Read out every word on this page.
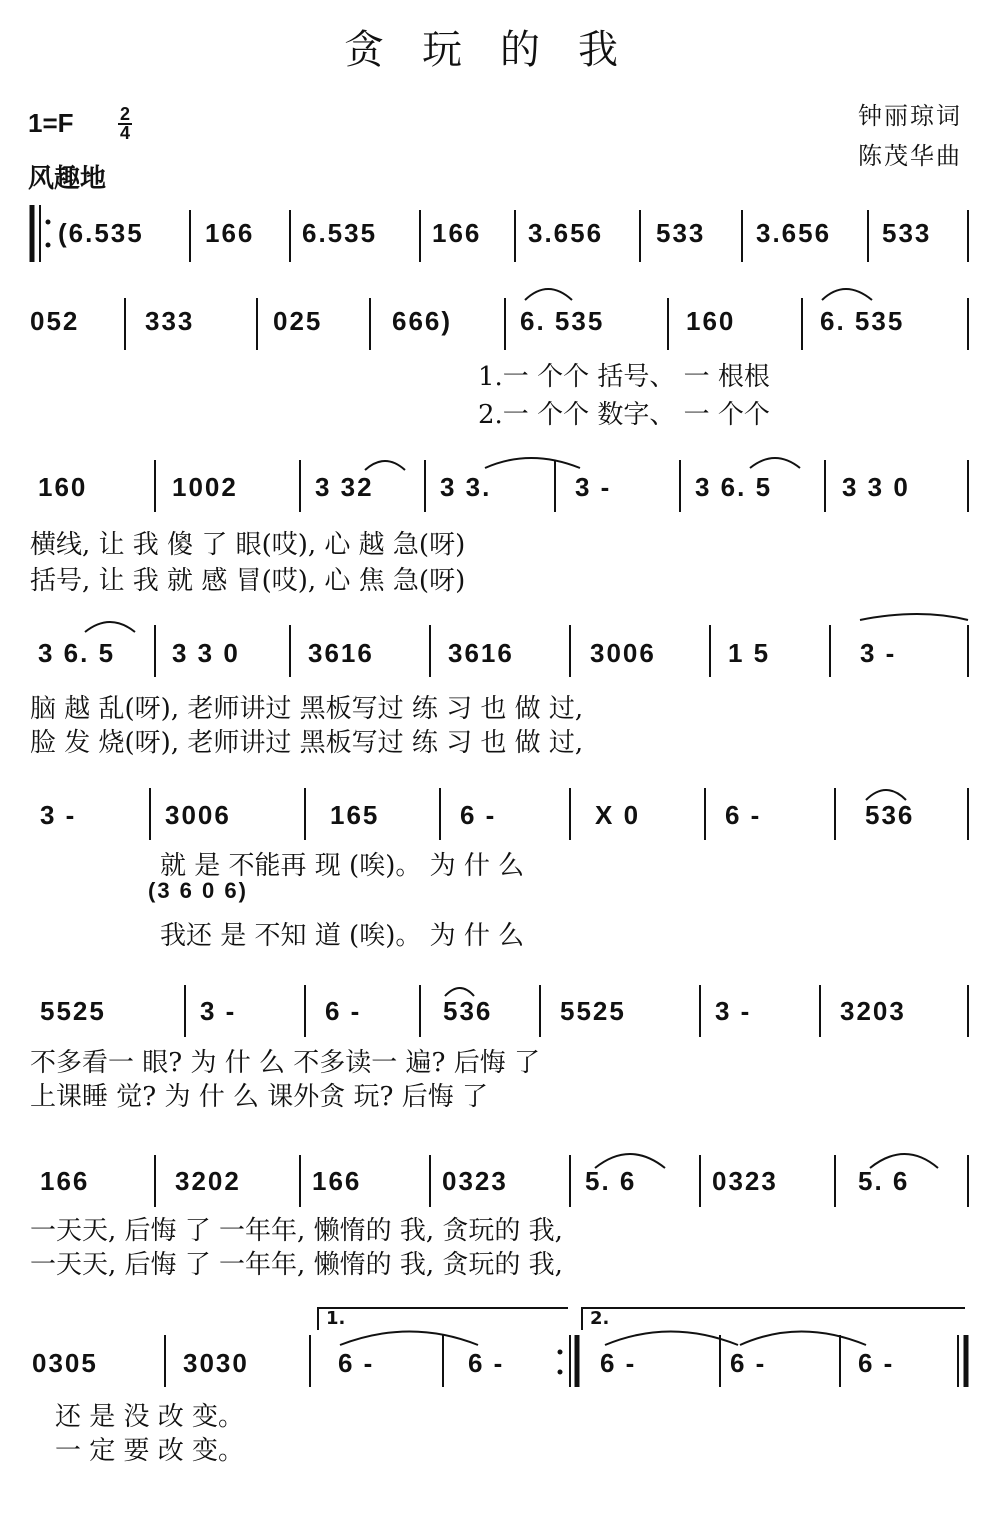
贪玩的我
1=F	2
4
风趣地
钟丽琼词
陈茂华曲
(6.535 166 6.535 166 3.656 533 3.656 533
052	333	025	666)	6. 535	160	6. 535
1.一 个个 括号、 一 根根
2.一 个个 数字、 一 个个
160	1002	3 32	3 3.	3 -	3 6. 5	3 3 0
横线, 让 我 傻 了 眼(哎), 心 越 急(呀)
括号, 让 我 就 感 冒(哎), 心 焦 急(呀)
3 6. 5 3 3 0	3616	3616	3006	1 5	3 -
脑 越 乱(呀), 老师讲过 黑板写过 练 习 也 做 过,
脸 发 烧(呀), 老师讲过 黑板写过 练 习 也 做 过,
3 -	3006	165	6 -	X 0	6 -	536
就 是 不能再 现 (唉)。 为 什 么
(3 6 0 6)
我还 是 不知 道 (唉)。 为 什 么
5525	3 -	6 -	536	5525	3 -	3203
不多看一 眼? 为 什 么 不多读一 遍? 后悔 了
上课睡 觉? 为 什 么 课外贪 玩? 后悔 了
166	3202	166	0323	5. 6	0323	5. 6
一天天, 后悔 了 一年年, 懒惰的 我, 贪玩的 我,
一天天, 后悔 了 一年年, 懒惰的 我, 贪玩的 我,
1.	2.
0305	3030	6 -	6 -	6 -	6 -	6 -
还 是 没 改 变。
一 定 要 改 变。
